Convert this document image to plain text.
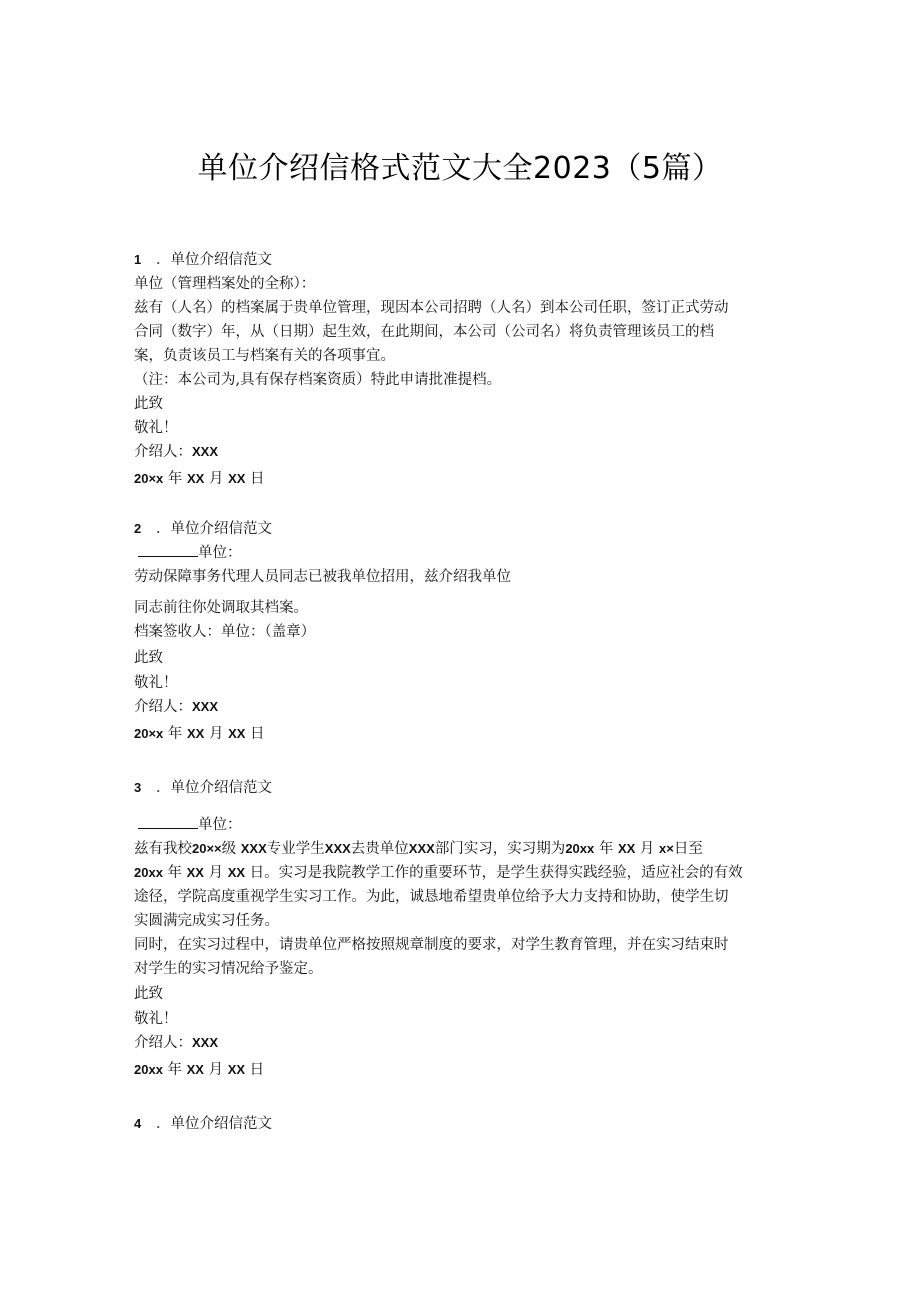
单位介绍信格式范文大全2023（5篇）
1 ．单位介绍信范文
单位（管理档案处的全称）：
兹有（人名）的档案属于贵单位管理，现因本公司招聘（人名）到本公司任职，签订正式劳动
合同（数字）年，从（日期）起生效，在此期间，本公司（公司名）将负责管理该员工的档
案，负责该员工与档案有关的各项事宜。
（注：本公司为,具有保存档案资质）特此申请批准提档。
此致
敬礼！
介绍人：XXX
20×x 年 XX 月 XX 日
2 ．单位介绍信范文
单位：
劳动保障事务代理人员同志已被我单位招用，兹介绍我单位
同志前往你处调取其档案。
档案签收人：单位：（盖章）
此致
敬礼！
介绍人：XXX
20×x 年 XX 月 XX 日
3 ．单位介绍信范文
单位：
兹有我校20××级 XXX专业学生XXX去贵单位XXX部门实习，实习期为20xx 年 XX 月 x×日至
20xx 年 XX 月 XX 日。实习是我院教学工作的重要环节，是学生获得实践经验，适应社会的有效
途径，学院高度重视学生实习工作。为此，诚恳地希望贵单位给予大力支持和协助，使学生切
实圆满完成实习任务。
同时，在实习过程中，请贵单位严格按照规章制度的要求，对学生教育管理，并在实习结束时
对学生的实习情况给予鉴定。
此致
敬礼！
介绍人：XXX
20xx 年 XX 月 XX 日
4 ．单位介绍信范文
